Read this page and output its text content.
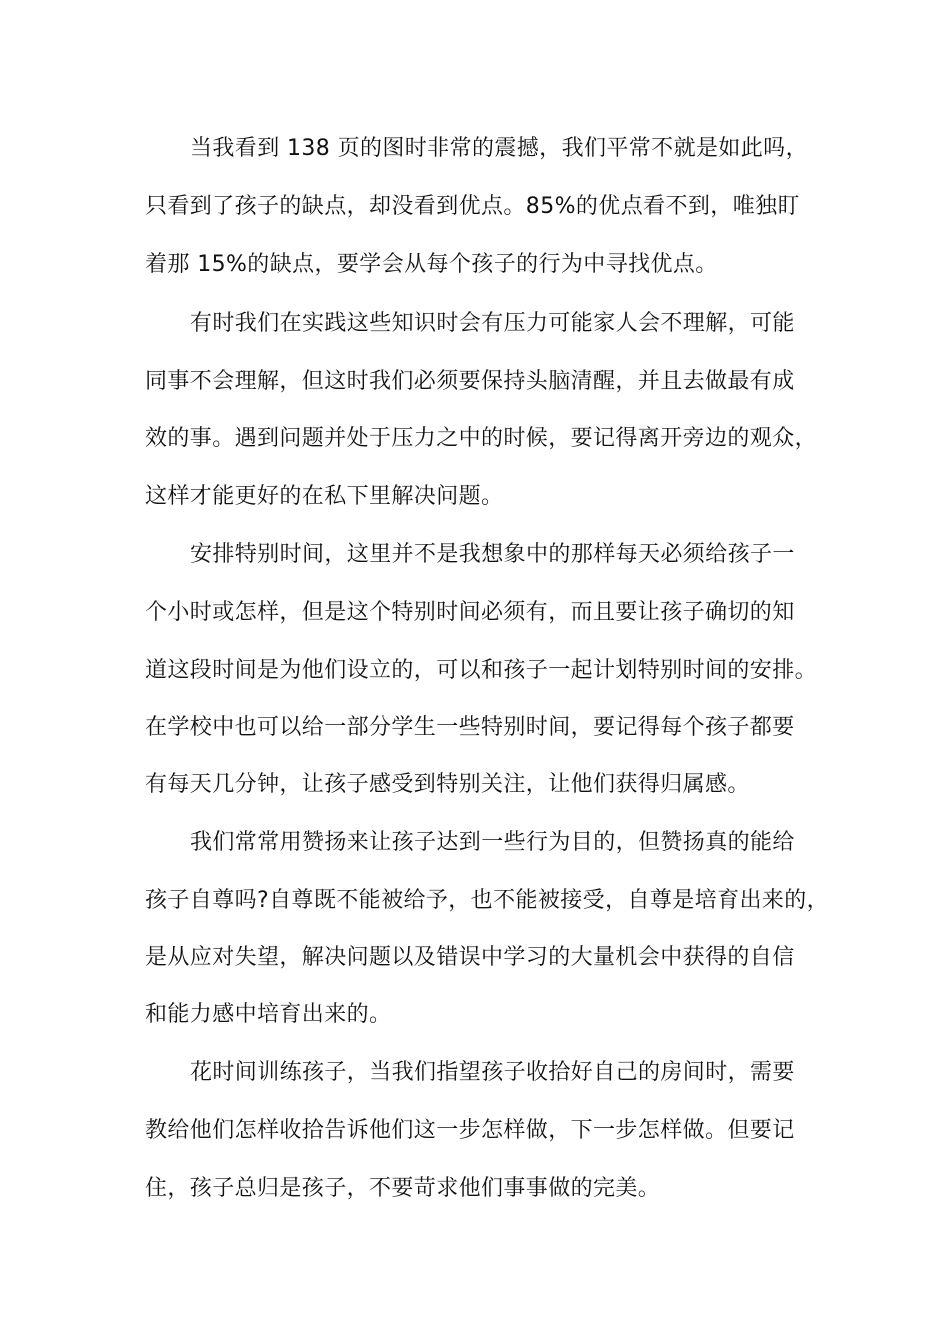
当我看到 138 页的图时非常的震撼，我们平常不就是如此吗，
只看到了孩子的缺点，却没看到优点。85%的优点看不到，唯独盯
着那 15%的缺点，要学会从每个孩子的行为中寻找优点。
有时我们在实践这些知识时会有压力可能家人会不理解，可能
同事不会理解，但这时我们必须要保持头脑清醒，并且去做最有成
效的事。遇到问题并处于压力之中的时候，要记得离开旁边的观众，
这样才能更好的在私下里解决问题。
安排特别时间，这里并不是我想象中的那样每天必须给孩子一
个小时或怎样，但是这个特别时间必须有，而且要让孩子确切的知
道这段时间是为他们设立的，可以和孩子一起计划特别时间的安排。
在学校中也可以给一部分学生一些特别时间，要记得每个孩子都要
有每天几分钟，让孩子感受到特别关注，让他们获得归属感。
我们常常用赞扬来让孩子达到一些行为目的，但赞扬真的能给
孩子自尊吗?自尊既不能被给予，也不能被接受，自尊是培育出来的，
是从应对失望，解决问题以及错误中学习的大量机会中获得的自信
和能力感中培育出来的。
花时间训练孩子，当我们指望孩子收拾好自己的房间时，需要
教给他们怎样收拾告诉他们这一步怎样做，下一步怎样做。但要记
住，孩子总归是孩子，不要苛求他们事事做的完美。
